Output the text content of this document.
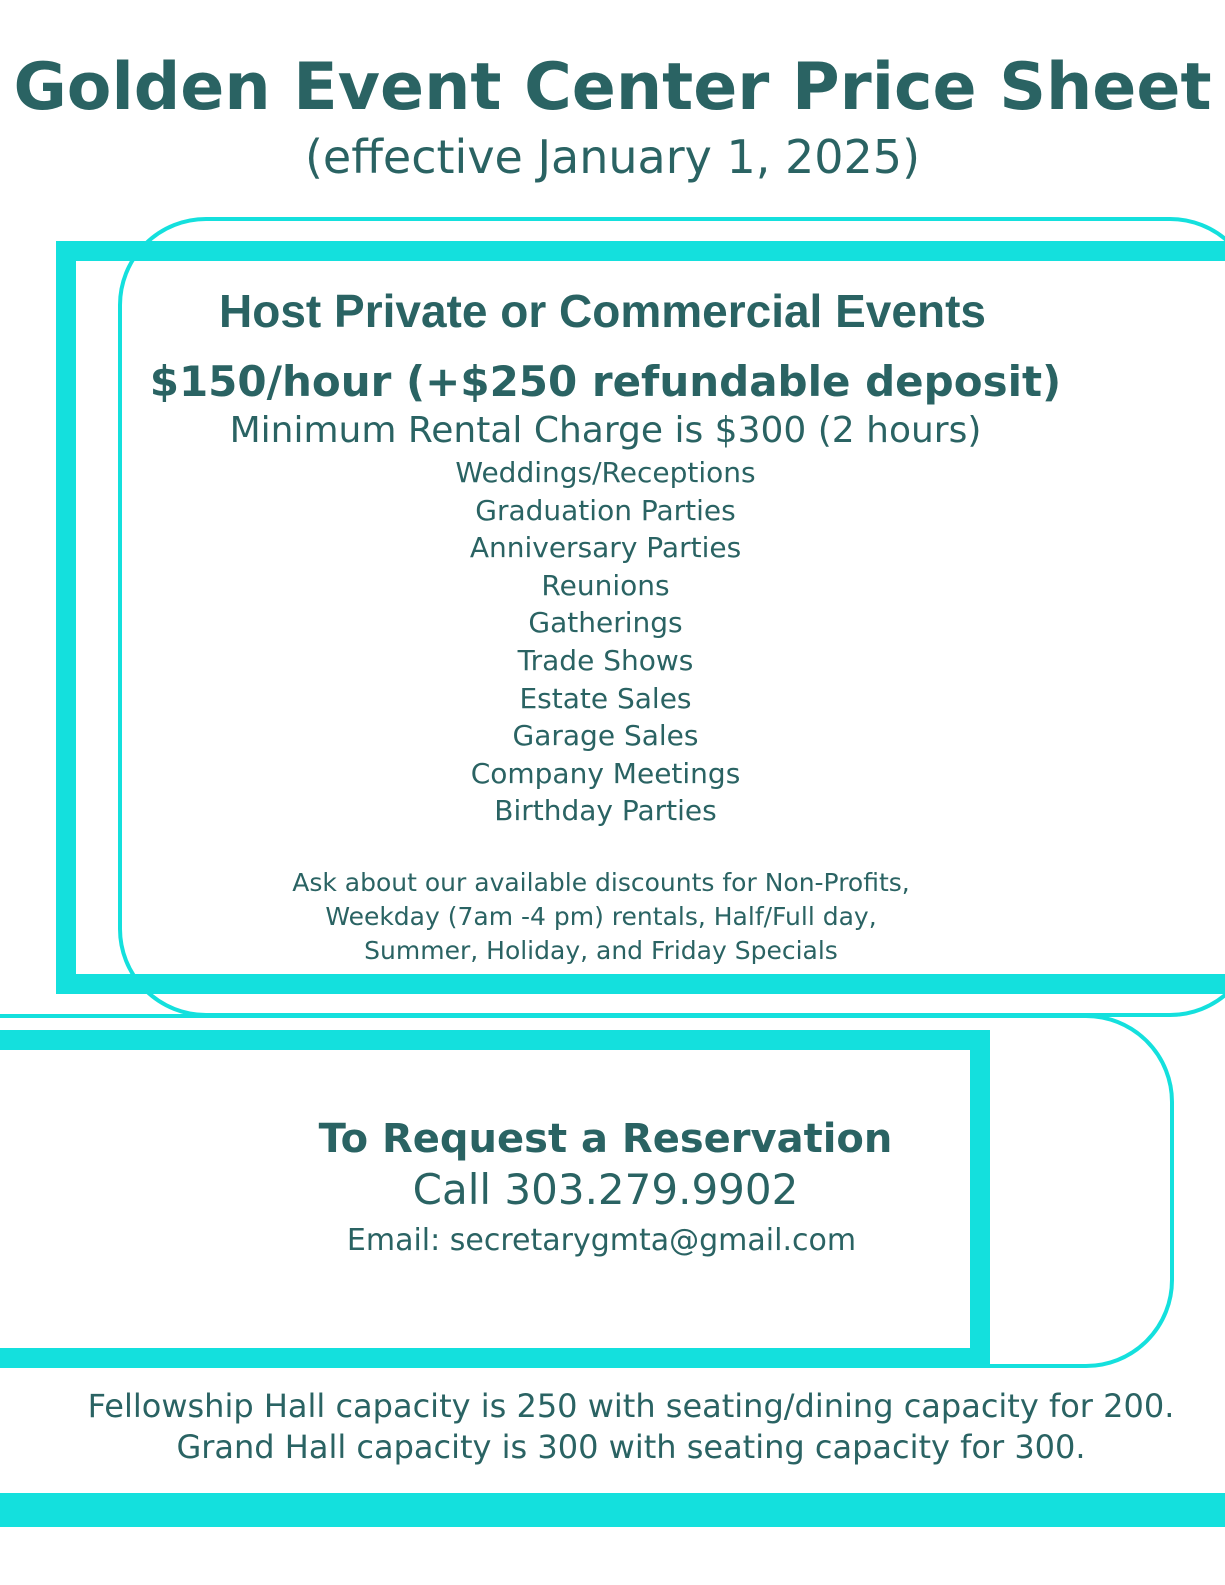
Golden Event Center Price Sheet
(effective January 1, 2025)
Host Private or Commercial Events
$150/hour (+$250 refundable deposit)
Minimum Rental Charge is $300 (2 hours)
Weddings/Receptions
Graduation Parties
Anniversary Parties
Reunions
Gatherings
Trade Shows
Estate Sales
Garage Sales
Company Meetings
Birthday Parties
Ask about our available discounts for Non-Profits,
Weekday (7am -4 pm) rentals, Half/Full day,
Summer, Holiday, and Friday Specials
To Request a Reservation
Call 303.279.9902
Email: secretarygmta@gmail.com
Fellowship Hall capacity is 250 with seating/dining capacity for 200.
Grand Hall capacity is 300 with seating capacity for 300.
